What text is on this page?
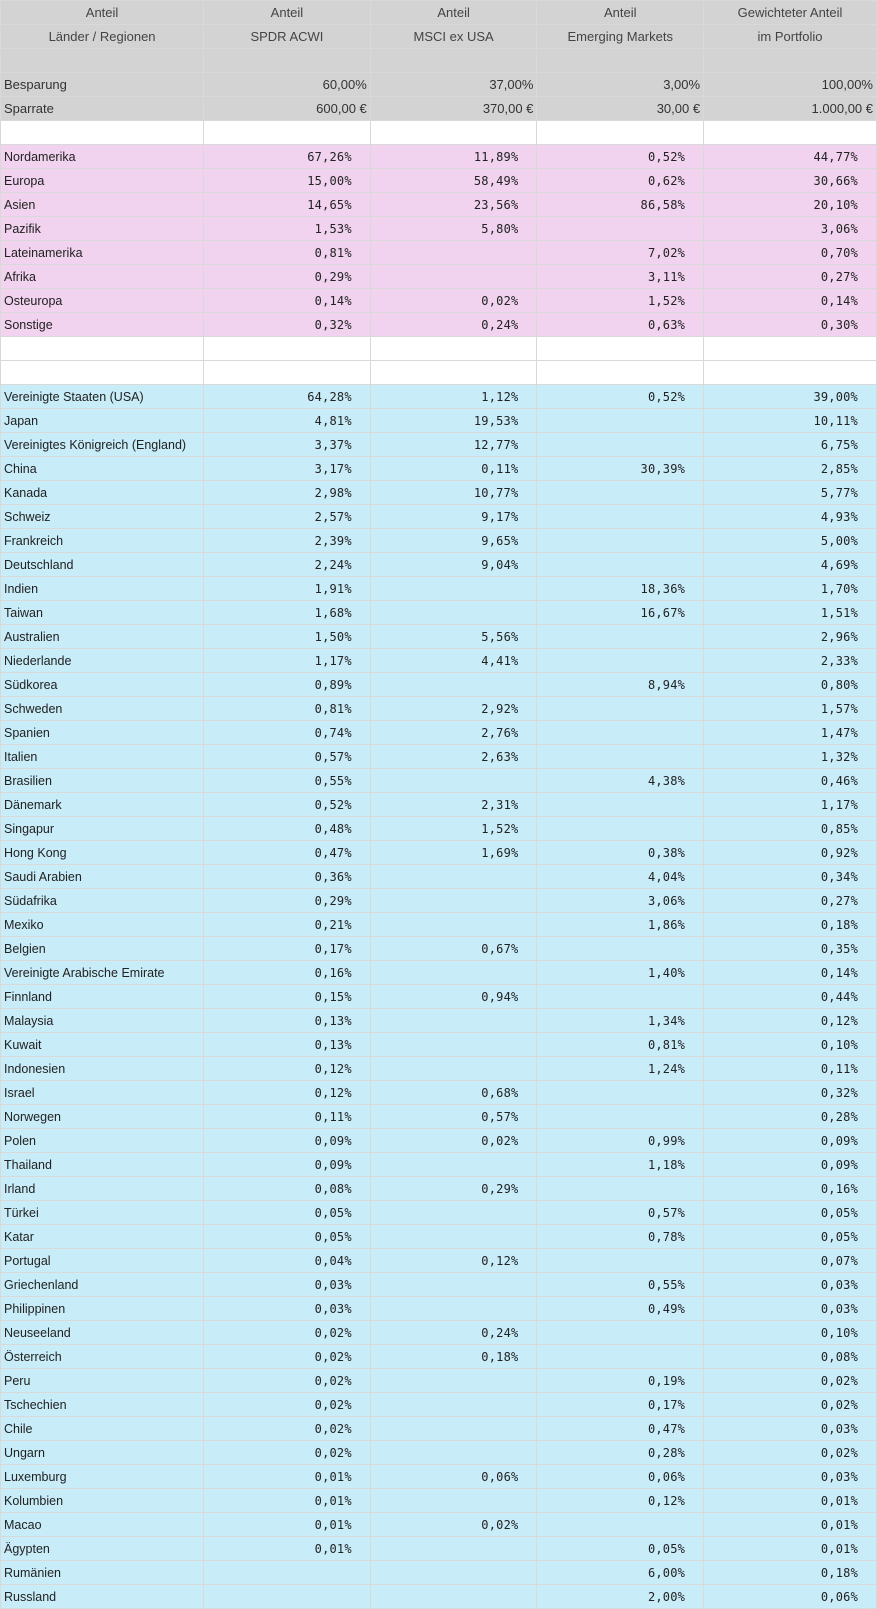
Anteil	Anteil	Anteil	Anteil	Gewichteter Anteil
Länder / Regionen	SPDR ACWI	MSCI ex USA	Emerging Markets	im Portfolio

Besparung	60,00%	37,00%	3,00%	100,00%
Sparrate	600,00 €	370,00 €	30,00 €	1.000,00 €

Nordamerika	67,26%	11,89%	0,52%	44,77%
Europa	15,00%	58,49%	0,62%	30,66%
Asien	14,65%	23,56%	86,58%	20,10%
Pazifik	1,53%	5,80%		3,06%
Lateinamerika	0,81%		7,02%	0,70%
Afrika	0,29%		3,11%	0,27%
Osteuropa	0,14%	0,02%	1,52%	0,14%
Sonstige	0,32%	0,24%	0,63%	0,30%

Vereinigte Staaten (USA)	64,28%	1,12%	0,52%	39,00%
Japan	4,81%	19,53%		10,11%
Vereinigtes Königreich (England)	3,37%	12,77%		6,75%
China	3,17%	0,11%	30,39%	2,85%
Kanada	2,98%	10,77%		5,77%
Schweiz	2,57%	9,17%		4,93%
Frankreich	2,39%	9,65%		5,00%
Deutschland	2,24%	9,04%		4,69%
Indien	1,91%		18,36%	1,70%
Taiwan	1,68%		16,67%	1,51%
Australien	1,50%	5,56%		2,96%
Niederlande	1,17%	4,41%		2,33%
Südkorea	0,89%		8,94%	0,80%
Schweden	0,81%	2,92%		1,57%
Spanien	0,74%	2,76%		1,47%
Italien	0,57%	2,63%		1,32%
Brasilien	0,55%		4,38%	0,46%
Dänemark	0,52%	2,31%		1,17%
Singapur	0,48%	1,52%		0,85%
Hong Kong	0,47%	1,69%	0,38%	0,92%
Saudi Arabien	0,36%		4,04%	0,34%
Südafrika	0,29%		3,06%	0,27%
Mexiko	0,21%		1,86%	0,18%
Belgien	0,17%	0,67%		0,35%
Vereinigte Arabische Emirate	0,16%		1,40%	0,14%
Finnland	0,15%	0,94%		0,44%
Malaysia	0,13%		1,34%	0,12%
Kuwait	0,13%		0,81%	0,10%
Indonesien	0,12%		1,24%	0,11%
Israel	0,12%	0,68%		0,32%
Norwegen	0,11%	0,57%		0,28%
Polen	0,09%	0,02%	0,99%	0,09%
Thailand	0,09%		1,18%	0,09%
Irland	0,08%	0,29%		0,16%
Türkei	0,05%		0,57%	0,05%
Katar	0,05%		0,78%	0,05%
Portugal	0,04%	0,12%		0,07%
Griechenland	0,03%		0,55%	0,03%
Philippinen	0,03%		0,49%	0,03%
Neuseeland	0,02%	0,24%		0,10%
Österreich	0,02%	0,18%		0,08%
Peru	0,02%		0,19%	0,02%
Tschechien	0,02%		0,17%	0,02%
Chile	0,02%		0,47%	0,03%
Ungarn	0,02%		0,28%	0,02%
Luxemburg	0,01%	0,06%	0,06%	0,03%
Kolumbien	0,01%		0,12%	0,01%
Macao	0,01%	0,02%		0,01%
Ägypten	0,01%		0,05%	0,01%
Rumänien			6,00%	0,18%
Russland			2,00%	0,06%
